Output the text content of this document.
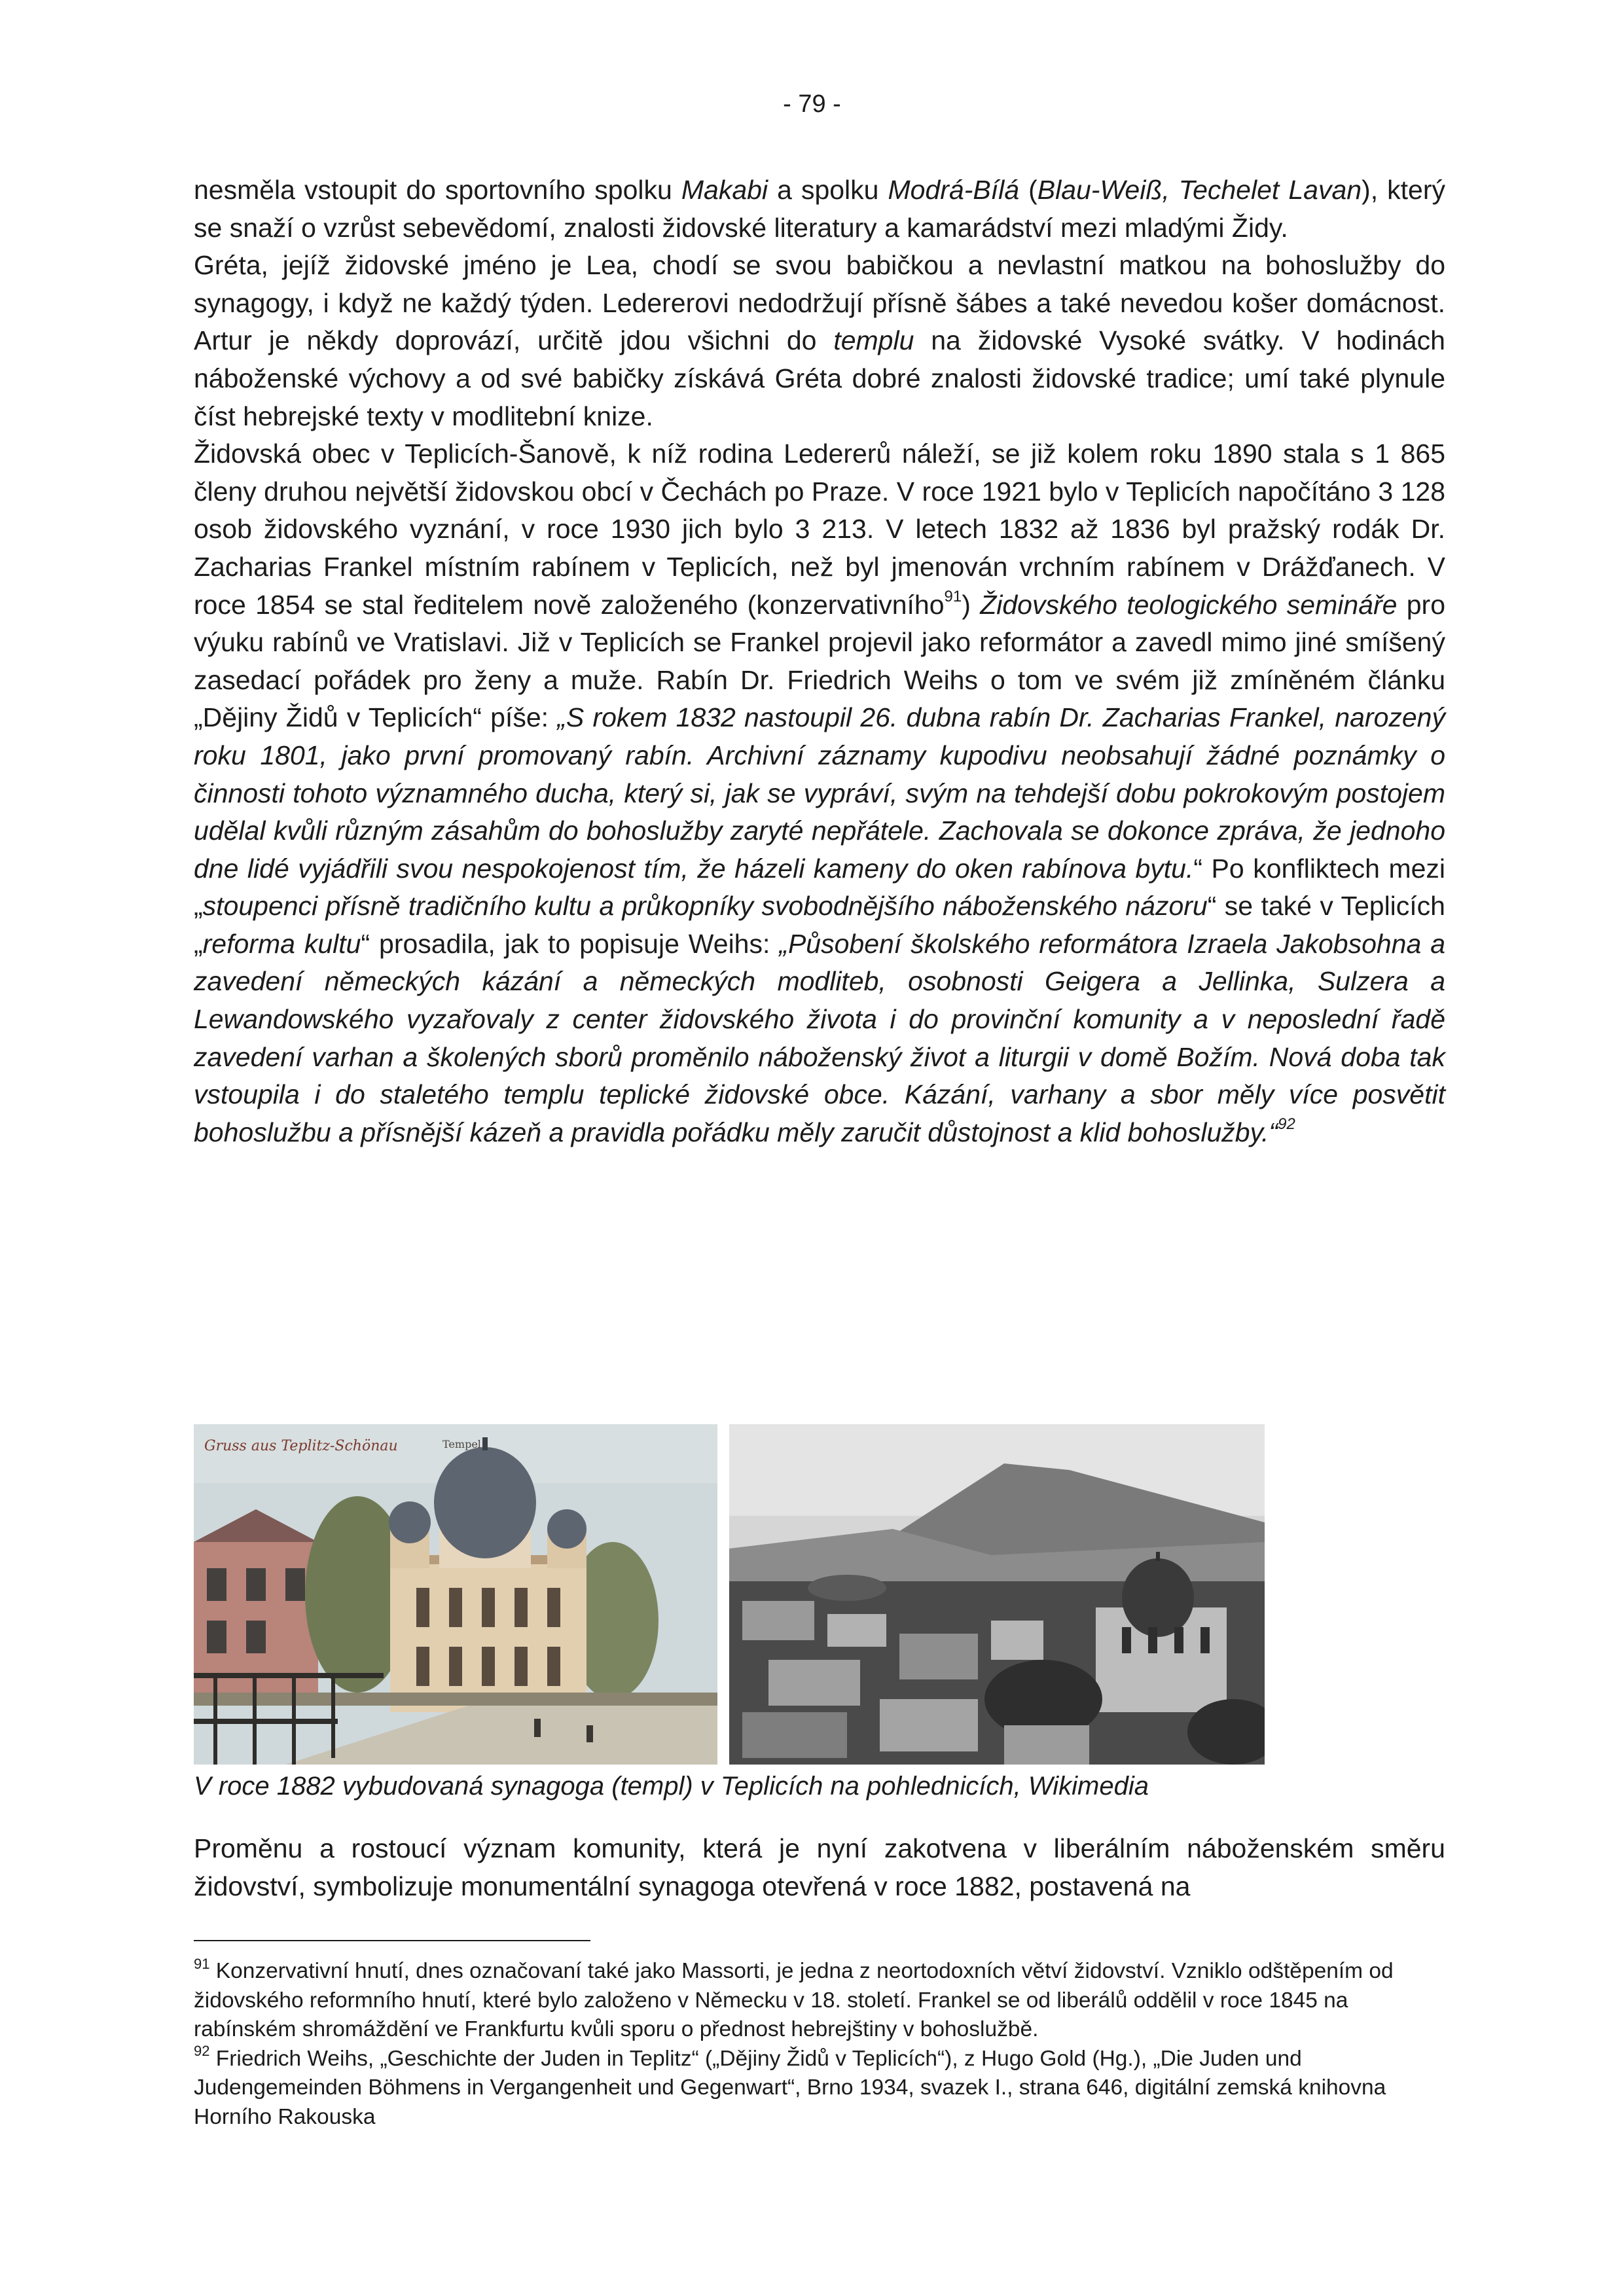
- 79 -

nesměla vstoupit do sportovního spolku Makabi a spolku Modrá-Bílá (Blau-Weiß, Techelet Lavan), který se snaží o vzrůst sebevědomí, znalosti židovské literatury a kamarádství mezi mladými Židy.

Gréta, jejíž židovské jméno je Lea, chodí se svou babičkou a nevlastní matkou na bohoslužby do synagogy, i když ne každý týden. Ledererovi nedodržují přísně šábes a také nevedou košer domácnost. Artur je někdy doprovází, určitě jdou všichni do templu na židovské Vysoké svátky. V hodinách náboženské výchovy a od své babičky získává Gréta dobré znalosti židovské tradice; umí také plynule číst hebrejské texty v modlitební knize.

Židovská obec v Teplicích-Šanově, k níž rodina Ledererů náleží, se již kolem roku 1890 stala s 1 865 členy druhou největší židovskou obcí v Čechách po Praze. V roce 1921 bylo v Teplicích napočítáno 3 128 osob židovského vyznání, v roce 1930 jich bylo 3 213. V letech 1832 až 1836 byl pražský rodák Dr. Zacharias Frankel místním rabínem v Teplicích, než byl jmenován vrchním rabínem v Drážďanech. V roce 1854 se stal ředitelem nově založeného (konzervativního$^{91}$) Židovského teologického semináře pro výuku rabínů ve Vratislavi. Již v Teplicích se Frankel projevil jako reformátor a zavedl mimo jiné smíšený zasedací pořádek pro ženy a muže. Rabín Dr. Friedrich Weihs o tom ve svém již zmíněném článku „Dějiny Židů v Teplicích“ píše: „S rokem 1832 nastoupil 26. dubna rabín Dr. Zacharias Frankel, narozený roku 1801, jako první promovaný rabín. Archivní záznamy kupodivu neobsahují žádné poznámky o činnosti tohoto významného ducha, který si, jak se vypráví, svým na tehdejší dobu pokrokovým postojem udělal kvůli různým zásahům do bohoslužby zaryté nepřátele. Zachovala se dokonce zpráva, že jednoho dne lidé vyjádřili svou nespokojenost tím, že házeli kameny do oken rabínova bytu.“ Po konfliktech mezi „stoupenci přísně tradičního kultu a průkopníky svobodnějšího náboženského názoru“ se také v Teplicích „reforma kultu“ prosadila, jak to popisuje Weihs: „Působení školského reformátora Izraela Jakobsohna a zavedení německých kázání a německých modliteb, osobnosti Geigera a Jellinka, Sulzera a Lewandowského vyzařovaly z center židovského života i do provinční komunity a v neposlední řadě zavedení varhan a školených sborů proměnilo náboženský život a liturgii v domě Božím. Nová doba tak vstoupila i do staletého templu teplické židovské obce. Kázání, varhany a sbor měly více posvětit bohoslužbu a přísnější kázeň a pravidla pořádku měly zaručit důstojnost a klid bohoslužby.“$^{92}$

Gruss aus Teplitz-Schönau	Tempel
V roce 1882 vybudovaná synagoga (templ) v Teplicích na pohlednicích, Wikimedia

Proměnu a rostoucí význam komunity, která je nyní zakotvena v liberálním náboženském směru židovství, symbolizuje monumentální synagoga otevřená v roce 1882, postavená na

$^{91}$ Konzervativní hnutí, dnes označovaní také jako Massorti, je jedna z neortodoxních větví židovství. Vzniklo odštěpením od židovského reformního hnutí, které bylo založeno v Německu v 18. století. Frankel se od liberálů oddělil v roce 1845 na rabínském shromáždění ve Frankfurtu kvůli sporu o přednost hebrejštiny v bohoslužbě.

$^{92}$ Friedrich Weihs, „Geschichte der Juden in Teplitz“ („Dějiny Židů v Teplicích“), z Hugo Gold (Hg.), „Die Juden und Judengemeinden Böhmens in Vergangenheit und Gegenwart“, Brno 1934, svazek I., strana 646, digitální zemská knihovna Horního Rakouska
